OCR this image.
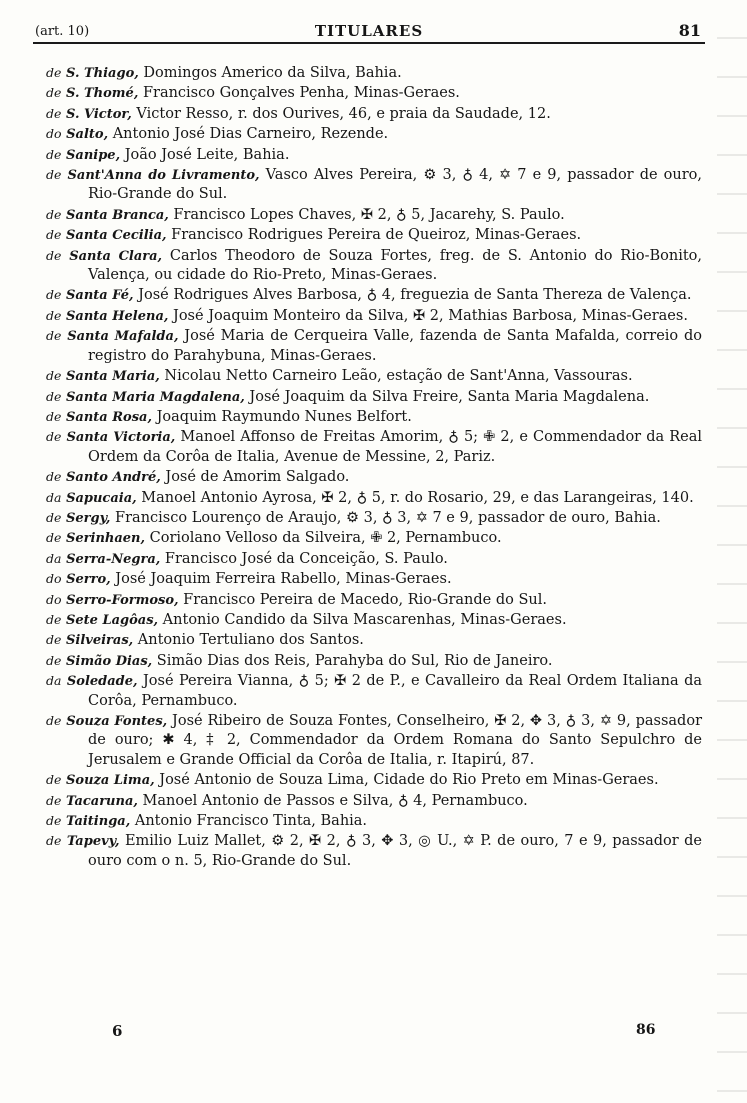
(art. 10)	TITULARES	81

de S. Thiago, Domingos Americo da Silva, Bahia.

de S. Thomé, Francisco Gonçalves Penha, Minas-Geraes.

de S. Victor, Victor Resso, r. dos Ourives, 46, e praia da Saudade, 12.

do Salto, Antonio José Dias Carneiro, Rezende.

de Sanipe, João José Leite, Bahia.

de Sant'Anna do Livramento, Vasco Alves Pereira, ⚙ 3, ♁ 4, ✡ 7 e 9, passador de ouro, Rio-Grande do Sul.

de Santa Branca, Francisco Lopes Chaves, ✠ 2, ♁ 5, Jacarehy, S. Paulo.

de Santa Cecilia, Francisco Rodrigues Pereira de Queiroz, Minas-Geraes.

de Santa Clara, Carlos Theodoro de Souza Fortes, freg. de S. Antonio do Rio-Bonito, Valença, ou cidade do Rio-Preto, Minas-Geraes.

de Santa Fé, José Rodrigues Alves Barbosa, ♁ 4, freguezia de Santa Thereza de Valença.

de Santa Helena, José Joaquim Monteiro da Silva, ✠ 2, Mathias Barbosa, Minas-Geraes.

de Santa Mafalda, José Maria de Cerqueira Valle, fazenda de Santa Mafalda, correio do registro do Parahybuna, Minas-Geraes.

de Santa Maria, Nicolau Netto Carneiro Leão, estação de Sant'Anna, Vassouras.

de Santa Maria Magdalena, José Joaquim da Silva Freire, Santa Maria Magdalena.

de Santa Rosa, Joaquim Raymundo Nunes Belfort.

de Santa Victoria, Manoel Affonso de Freitas Amorim, ♁ 5; ✙ 2, e Commendador da Real Ordem da Corôa de Italia, Avenue de Messine, 2, Pariz.

de Santo André, José de Amorim Salgado.

da Sapucaia, Manoel Antonio Ayrosa, ✠ 2, ♁ 5, r. do Rosario, 29, e das Larangeiras, 140.

de Sergy, Francisco Lourenço de Araujo, ⚙ 3, ♁ 3, ✡ 7 e 9, passador de ouro, Bahia.

de Serinhaen, Coriolano Velloso da Silveira, ✙ 2, Pernambuco.

da Serra-Negra, Francisco José da Conceição, S. Paulo.

do Serro, José Joaquim Ferreira Rabello, Minas-Geraes.

do Serro-Formoso, Francisco Pereira de Macedo, Rio-Grande do Sul.

de Sete Lagôas, Antonio Candido da Silva Mascarenhas, Minas-Geraes.

de Silveiras, Antonio Tertuliano dos Santos.

de Simão Dias, Simão Dias dos Reis, Parahyba do Sul, Rio de Janeiro.

da Soledade, José Pereira Vianna, ♁ 5; ✠ 2 de P., e Cavalleiro da Real Ordem Italiana da Corôa, Pernambuco.

de Souza Fontes, José Ribeiro de Souza Fontes, Conselheiro, ✠ 2, ✥ 3, ♁ 3, ✡ 9, passador de ouro; ✱ 4, ‡ 2, Commendador da Ordem Romana do Santo Sepulchro de Jerusalem e Grande Official da Corôa de Italia, r. Itapirú, 87.

de Souza Lima, José Antonio de Souza Lima, Cidade do Rio Preto em Minas-Geraes.

de Tacaruna, Manoel Antonio de Passos e Silva, ♁ 4, Pernambuco.

de Taitinga, Antonio Francisco Tinta, Bahia.

de Tapevy, Emilio Luiz Mallet, ⚙ 2, ✠ 2, ♁ 3, ✥ 3, ◎ U., ✡ P. de ouro, 7 e 9, passador de ouro com o n. 5, Rio-Grande do Sul.

6	86
